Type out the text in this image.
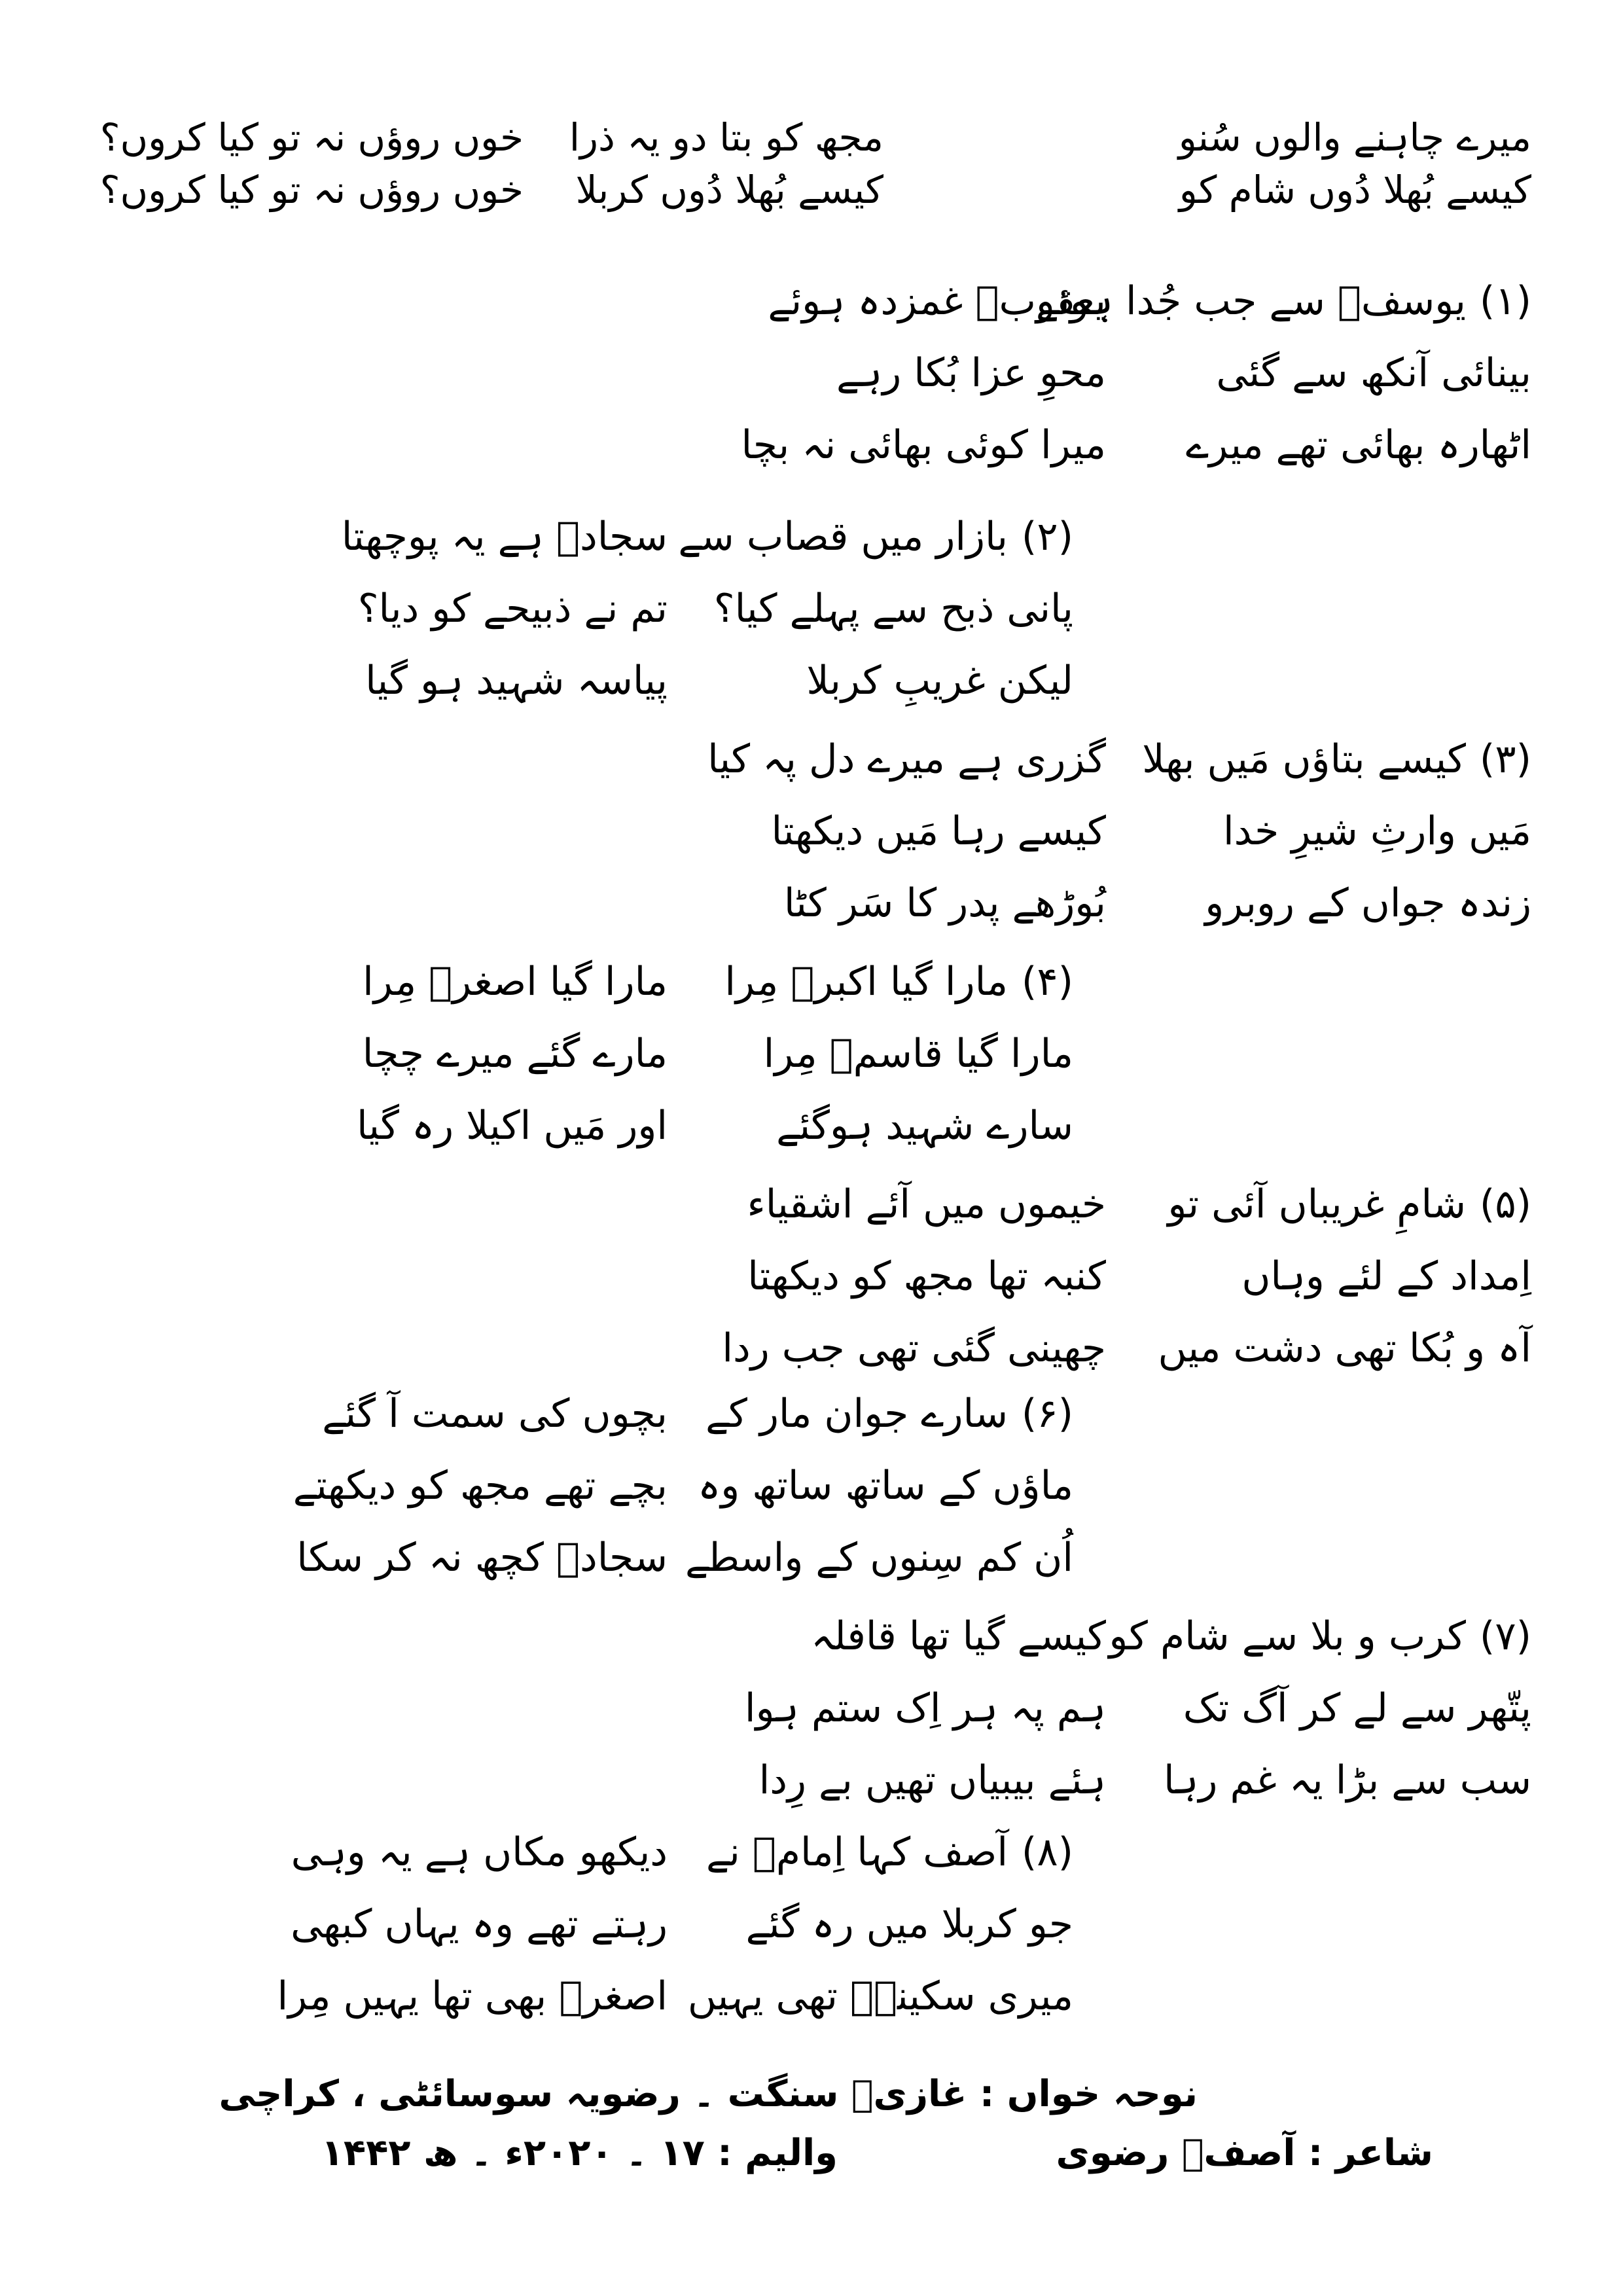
میرے چاہنے والوں سُنو
مجھ کو بتا دو یہ ذرا
خوں روؤں نہ تو کیا کروں؟
کیسے بُھلا دُوں شام کو
کیسے بُھلا دُوں کربلا
خوں روؤں نہ تو کیا کروں؟
(۱)
یوسفؑ سے جب جُدا ہوئے
یعقوبؑ غمزدہ ہوئے
بینائی آنکھ سے گئی
محوِ عزا بُکا رہے
اٹھارہ بھائی تھے میرے
میرا کوئی بھائی نہ بچا
(۲)
بازار میں قصاب سے
سجادؑ ہے یہ پوچھتا
پانی ذبح سے پہلے کیا؟
تم نے ذبیحے کو دیا؟
لیکن غریبِ کربلا
پیاسہ شہید ہو گیا
(۳)
کیسے بتاؤں مَیں بھلا
گزری ہے میرے دل پہ کیا
مَیں وارثِ شیرِ خدا
کیسے رہا مَیں دیکھتا
زندہ جواں کے روبرو
بُوڑھے پدر کا سَر کٹا
(۴)
مارا گیا اکبرؑ مِرا
مارا گیا اصغرؑ مِرا
مارا گیا قاسمؑ مِرا
مارے گئے میرے چچا
سارے شہید ہوگئے
اور مَیں اکیلا رہ گیا
(۵)
شامِ غریباں آئی تو
خیموں میں آئے اشقیاء
اِمداد کے لئے وہاں
کنبہ تھا مجھ کو دیکھتا
آہ و بُکا تھی دشت میں
چھینی گئی تھی جب ردا
(۶)
سارے جوان مار کے
بچوں کی سمت آ گئے
ماؤں کے ساتھ ساتھ وہ
بچے تھے مجھ کو دیکھتے
اُن کم سِنوں کے واسطے
سجادؑ کچھ نہ کر سکا
(۷)
کرب و بلا سے شام کو
کیسے گیا تھا قافلہ
پتّھر سے لے کر آگ تک
ہم پہ ہر اِک ستم ہوا
سب سے بڑا یہ غم رہا
ہئے بیبیاں تھیں بے رِدا
(۸)
آصف کہا اِمامؑ نے
دیکھو مکاں ہے یہ وہی
جو کربلا میں رہ گئے
رہتے تھے وہ یہاں کبھی
میری سکینہؑ تھی یہیں
اصغرؑ بھی تھا یہیں مِرا
نوحہ خواں : غازیؑ سنگت ۔ رضویہ سوسائٹی ، کراچی
شاعر : آصفؔ رضوی
والیم : ۱۷ ۔ ۲۰۲۰ء ۔ ھ ۱۴۴۲
